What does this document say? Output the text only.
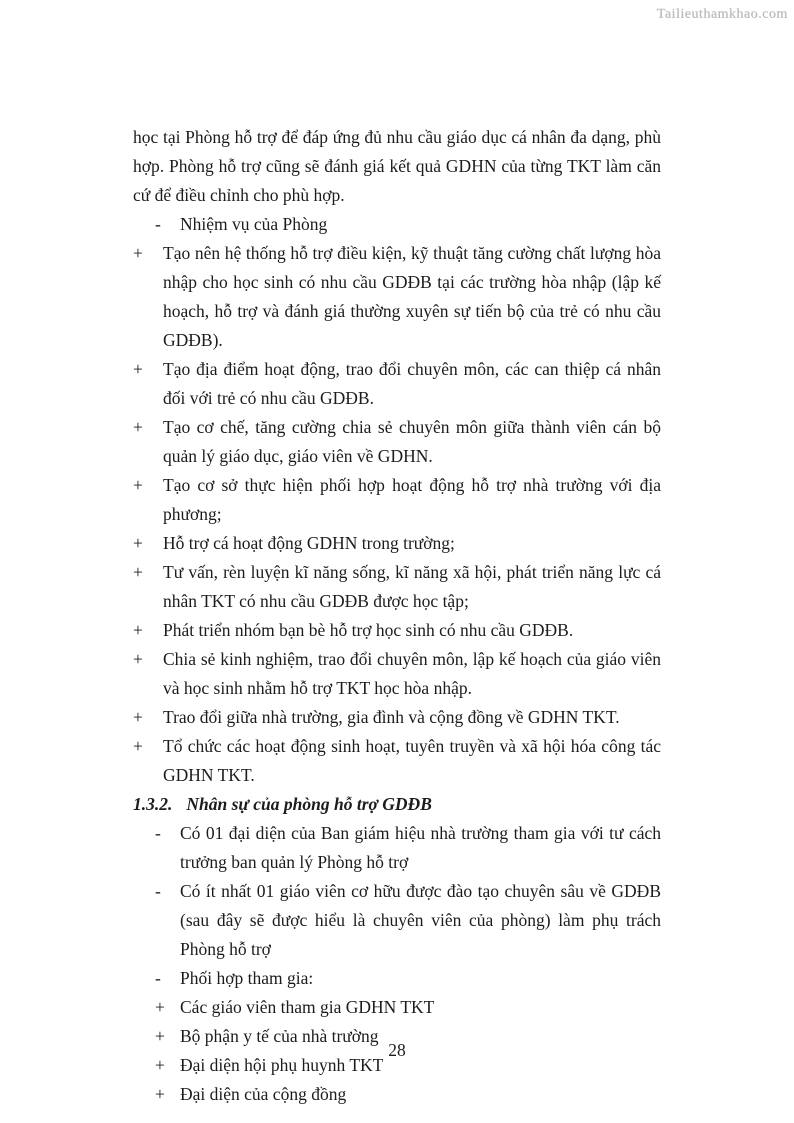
Tailieuthamkhao.com
học tại Phòng hỗ trợ để đáp ứng đủ nhu cầu giáo dục cá nhân đa dạng, phù hợp. Phòng hỗ trợ cũng sẽ đánh giá kết quả GDHN của từng TKT làm căn cứ để điều chỉnh cho phù hợp.
- Nhiệm vụ của Phòng
+ Tạo nên hệ thống hỗ trợ điều kiện, kỹ thuật tăng cường chất lượng hòa nhập cho học sinh có nhu cầu GDĐB tại các trường hòa nhập (lập kế hoạch, hỗ trợ và đánh giá thường xuyên sự tiến bộ của trẻ có nhu cầu GDĐB).
+ Tạo địa điểm hoạt động, trao đổi chuyên môn, các can thiệp cá nhân đối với trẻ có nhu cầu GDĐB.
+ Tạo cơ chế, tăng cường chia sẻ chuyên môn giữa thành viên cán bộ quản lý giáo dục, giáo viên về GDHN.
+ Tạo cơ sở thực hiện phối hợp hoạt động hỗ trợ nhà trường với địa phương;
+ Hỗ trợ cá hoạt động GDHN trong trường;
+ Tư vấn, rèn luyện kĩ năng sống, kĩ năng xã hội, phát triển năng lực cá nhân TKT có nhu cầu GDĐB được học tập;
+ Phát triển nhóm bạn bè hỗ trợ học sinh có nhu cầu GDĐB.
+ Chia sẻ kinh nghiệm, trao đổi chuyên môn, lập kế hoạch của giáo viên và học sinh nhằm hỗ trợ TKT học hòa nhập.
+ Trao đổi giữa nhà trường, gia đình và cộng đồng về GDHN TKT.
+ Tổ chức các hoạt động sinh hoạt, tuyên truyền và xã hội hóa công tác GDHN TKT.
1.3.2. Nhân sự của phòng hỗ trợ GDĐB
- Có 01 đại diện của Ban giám hiệu nhà trường tham gia với tư cách trưởng ban quản lý Phòng hỗ trợ
- Có ít nhất 01 giáo viên cơ hữu được đào tạo chuyên sâu về GDĐB (sau đây sẽ được hiểu là chuyên viên của phòng) làm phụ trách Phòng hỗ trợ
- Phối hợp tham gia:
+ Các giáo viên tham gia GDHN TKT
+ Bộ phận y tế của nhà trường
+ Đại diện hội phụ huynh TKT
+ Đại diện của cộng đồng
28
